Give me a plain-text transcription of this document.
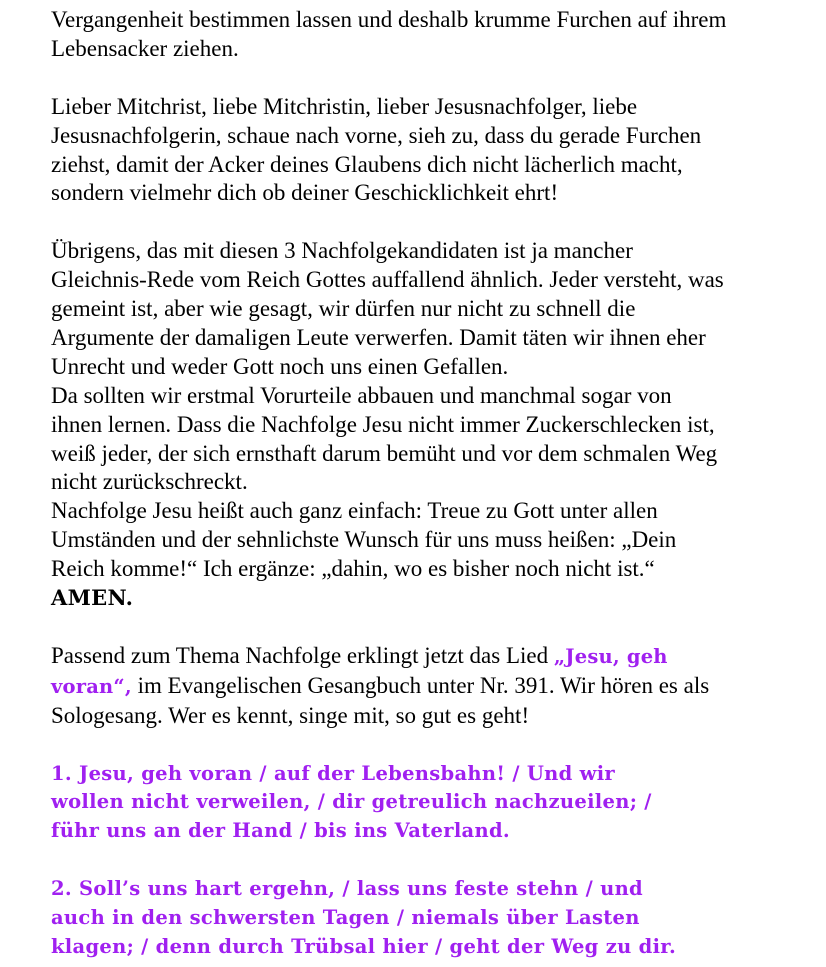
Vergangenheit bestimmen lassen und deshalb krumme Furchen auf ihrem
Lebensacker ziehen.
Lieber Mitchrist, liebe Mitchristin, lieber Jesusnachfolger, liebe
Jesusnachfolgerin, schaue nach vorne, sieh zu, dass du gerade Furchen
ziehst, damit der Acker deines Glaubens dich nicht lächerlich macht,
sondern vielmehr dich ob deiner Geschicklichkeit ehrt!
Übrigens, das mit diesen 3 Nachfolgekandidaten ist ja mancher
Gleichnis-Rede vom Reich Gottes auffallend ähnlich. Jeder versteht, was
gemeint ist, aber wie gesagt, wir dürfen nur nicht zu schnell die
Argumente der damaligen Leute verwerfen. Damit täten wir ihnen eher
Unrecht und weder Gott noch uns einen Gefallen.
Da sollten wir erstmal Vorurteile abbauen und manchmal sogar von
ihnen lernen. Dass die Nachfolge Jesu nicht immer Zuckerschlecken ist,
weiß jeder, der sich ernsthaft darum bemüht und vor dem schmalen Weg
nicht zurückschreckt.
Nachfolge Jesu heißt auch ganz einfach: Treue zu Gott unter allen
Umständen und der sehnlichste Wunsch für uns muss heißen: „Dein
Reich komme!“ Ich ergänze: „dahin, wo es bisher noch nicht ist.“
AMEN.
Passend zum Thema Nachfolge erklingt jetzt das Lied „Jesu, geh
voran“, im Evangelischen Gesangbuch unter Nr. 391. Wir hören es als
Sologesang. Wer es kennt, singe mit, so gut es geht!
1. Jesu, geh voran / auf der Lebensbahn! / Und wir
wollen nicht verweilen, / dir getreulich nachzueilen; /
führ uns an der Hand / bis ins Vaterland.
2. Soll’s uns hart ergehn, / lass uns feste stehn / und
auch in den schwersten Tagen / niemals über Lasten
klagen; / denn durch Trübsal hier / geht der Weg zu dir.
